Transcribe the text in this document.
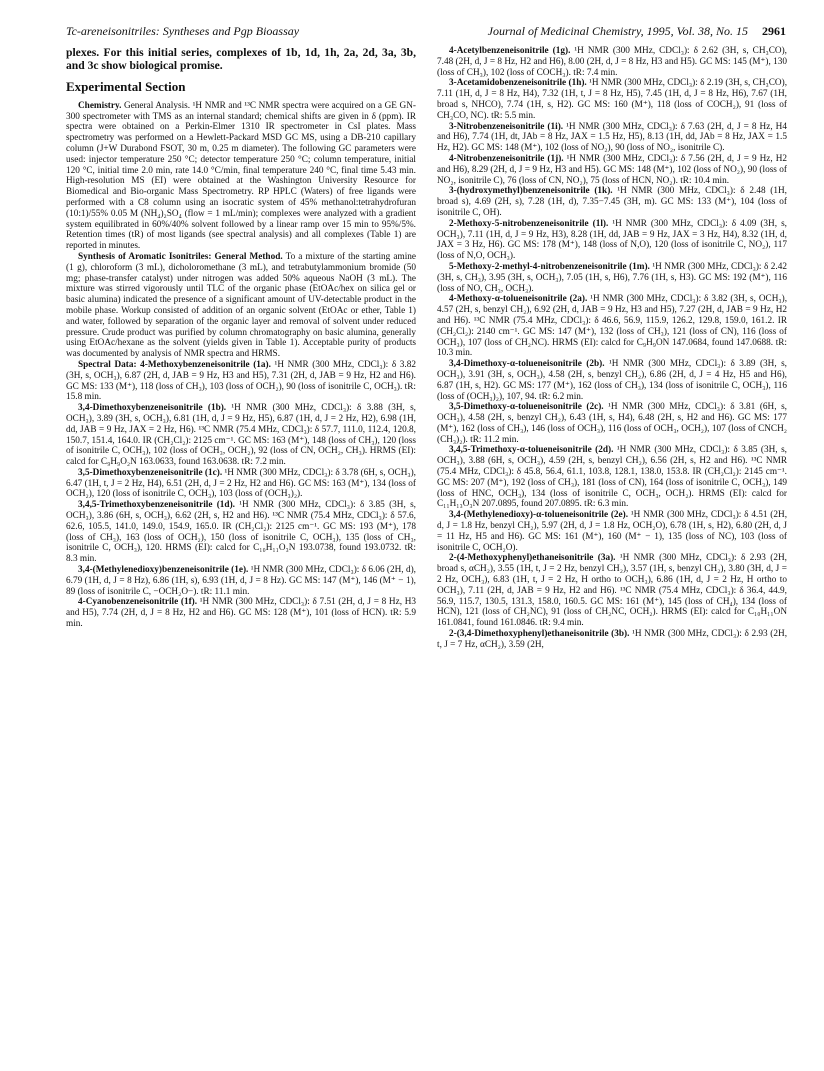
Tc-areneisonitriles: Syntheses and Pgp Bioassay	Journal of Medicinal Chemistry, 1995, Vol. 38, No. 15 2961

plexes. For this initial series, complexes of 1b, 1d, 1h, 2a, 2d, 3a, 3b, and 3c show biological promise.

Experimental Section

Chemistry. General Analysis. ¹H NMR and ¹³C NMR spectra were acquired on a GE GN-300 spectrometer with TMS as an internal standard; chemical shifts are given in δ (ppm). IR spectra were obtained on a Perkin-Elmer 1310 IR spectrometer in CsI plates. Mass spectrometry was performed on a Hewlett-Packard MSD GC MS, using a DB-210 capillary column (J+W Durabond FSOT, 30 m, 0.25 m diameter). The following GC parameters were used: injector temperature 250 °C; detector temperature 250 °C; column temperature, initial 120 °C, initial time 2.0 min, rate 14.0 °C/min, final temperature 240 °C, final time 5.43 min. High-resolution MS (EI) were obtained at the Washington University Resource for Biomedical and Bio-organic Mass Spectrometry. RP HPLC (Waters) of free ligands were performed with a C8 column using an isocratic system of 45% methanol:tetrahydrofuran (10:1)/55% 0.05 M (NH₄)₂SO₄ (flow = 1 mL/min); complexes were analyzed with a gradient system equilibrated in 60%/40% solvent followed by a linear ramp over 15 min to 95%/5%. Retention times (tR) of most ligands (see spectral analysis) and all complexes (Table 1) are reported in minutes.

Synthesis of Aromatic Isonitriles: General Method. To a mixture of the starting amine (1 g), chloroform (3 mL), dicholoromethane (3 mL), and tetrabutylammonium bromide (50 mg; phase-transfer catalyst) under nitrogen was added 50% aqueous NaOH (3 mL). The mixture was stirred vigorously until TLC of the organic phase (EtOAc/hex on silica gel or basic alumina) indicated the presence of a significant amount of UV-detectable product in the mobile phase. Workup consisted of addition of an organic solvent (EtOAc or ether, Table 1) and water, followed by separation of the organic layer and removal of solvent under reduced pressure. Crude product was purified by column chromatography on basic alumina, generally using EtOAc/hexane as the solvent (yields given in Table 1). Acceptable purity of products was documented by analysis of NMR spectra and HRMS.

Spectral Data: 4-Methoxybenzeneisonitrile (1a). ¹H NMR (300 MHz, CDCl₃): δ 3.82 (3H, s, OCH₃), 6.87 (2H, d, JAB = 9 Hz, H3 and H5), 7.31 (2H, d, JAB = 9 Hz, H2 and H6). GC MS: 133 (M⁺), 118 (loss of CH₃), 103 (loss of OCH₂), 90 (loss of isonitrile C, OCH₃). tR: 15.8 min.

3,4-Dimethoxybenzeneisonitrile (1b). ¹H NMR (300 MHz, CDCl₃): δ 3.88 (3H, s, OCH₃), 3.89 (3H, s, OCH₃), 6.81 (1H, d, J = 9 Hz, H5), 6.87 (1H, d, J = 2 Hz, H2), 6.98 (1H, dd, JAB = 9 Hz, JAX = 2 Hz, H6). ¹³C NMR (75.4 MHz, CDCl₃): δ 57.7, 111.0, 112.4, 120.8, 150.7, 151.4, 164.0. IR (CH₂Cl₂): 2125 cm⁻¹. GC MS: 163 (M⁺), 148 (loss of CH₃), 120 (loss of isonitrile C, OCH₃), 102 (loss of OCH₃, OCH₂), 92 (loss of CN, OCH₂, CH₃). HRMS (EI): calcd for C₉H₉O₂N 163.0633, found 163.0638. tR: 7.2 min.

3,5-Dimethoxybenzeneisonitrile (1c). ¹H NMR (300 MHz, CDCl₃): δ 3.78 (6H, s, OCH₃), 6.47 (1H, t, J = 2 Hz, H4), 6.51 (2H, d, J = 2 Hz, H2 and H6). GC MS: 163 (M⁺), 134 (loss of OCH₂), 120 (loss of isonitrile C, OCH₃), 103 (loss of (OCH₃)₂).

3,4,5-Trimethoxybenzeneisonitrile (1d). ¹H NMR (300 MHz, CDCl₃): δ 3.85 (3H, s, OCH₃), 3.86 (6H, s, OCH₃), 6.62 (2H, s, H2 and H6). ¹³C NMR (75.4 MHz, CDCl₃): δ 57.6, 62.6, 105.5, 141.0, 149.0, 154.9, 165.0. IR (CH₂Cl₂): 2125 cm⁻¹. GC MS: 193 (M⁺), 178 (loss of CH₃), 163 (loss of OCH₂), 150 (loss of isonitrile C, OCH₃), 135 (loss of CH₃, isonitrile C, OCH₃), 120. HRMS (EI): calcd for C₁₀H₁₁O₃N 193.0738, found 193.0732. tR: 8.3 min.

3,4-(Methylenedioxy)benzeneisonitrile (1e). ¹H NMR (300 MHz, CDCl₃): δ 6.06 (2H, d), 6.79 (1H, d, J = 8 Hz), 6.86 (1H, s), 6.93 (1H, d, J = 8 Hz). GC MS: 147 (M⁺), 146 (M⁺ − 1), 89 (loss of isonitrile C, −OCH₂O−). tR: 11.1 min.

4-Cyanobenzeneisonitrile (1f). ¹H NMR (300 MHz, CDCl₃): δ 7.51 (2H, d, J = 8 Hz, H3 and H5), 7.74 (2H, d, J = 8 Hz, H2 and H6). GC MS: 128 (M⁺), 101 (loss of HCN). tR: 5.9 min.

4-Acetylbenzeneisonitrile (1g). ¹H NMR (300 MHz, CDCl₃): δ 2.62 (3H, s, CH₃CO), 7.48 (2H, d, J = 8 Hz, H2 and H6), 8.00 (2H, d, J = 8 Hz, H3 and H5). GC MS: 145 (M⁺), 130 (loss of CH₃), 102 (loss of COCH₃). tR: 7.4 min.

3-Acetamidobenzeneisonitrile (1h). ¹H NMR (300 MHz, CDCl₃): δ 2.19 (3H, s, CH₃CO), 7.11 (1H, d, J = 8 Hz, H4), 7.32 (1H, t, J = 8 Hz, H5), 7.45 (1H, d, J = 8 Hz, H6), 7.67 (1H, broad s, NHCO), 7.74 (1H, s, H2). GC MS: 160 (M⁺), 118 (loss of COCH₂), 91 (loss of CH₃CO, NC). tR: 5.5 min.

3-Nitrobenzeneisonitrile (1i). ¹H NMR (300 MHz, CDCl₃): δ 7.63 (2H, d, J = 8 Hz, H4 and H6), 7.74 (1H, dt, JAb = 8 Hz, JAX = 1.5 Hz, H5), 8.13 (1H, dd, JAb = 8 Hz, JAX = 1.5 Hz, H2). GC MS: 148 (M⁺), 102 (loss of NO₂), 90 (loss of NO₂, isonitrile C).

4-Nitrobenzeneisonitrile (1j). ¹H NMR (300 MHz, CDCl₃): δ 7.56 (2H, d, J = 9 Hz, H2 and H6), 8.29 (2H, d, J = 9 Hz, H3 and H5). GC MS: 148 (M⁺), 102 (loss of NO₂), 90 (loss of NO₂, isonitrile C), 76 (loss of CN, NO₂), 75 (loss of HCN, NO₂). tR: 10.4 min.

3-(hydroxymethyl)benzeneisonitrile (1k). ¹H NMR (300 MHz, CDCl₃): δ 2.48 (1H, broad s), 4.69 (2H, s), 7.28 (1H, d), 7.35−7.45 (3H, m). GC MS: 133 (M⁺), 104 (loss of isonitrile C, OH).

2-Methoxy-5-nitrobenzeneisonitrile (1l). ¹H NMR (300 MHz, CDCl₃): δ 4.09 (3H, s, OCH₃), 7.11 (1H, d, J = 9 Hz, H3), 8.28 (1H, dd, JAB = 9 Hz, JAX = 3 Hz, H4), 8.32 (1H, d, JAX = 3 Hz, H6). GC MS: 178 (M⁺), 148 (loss of N,O), 120 (loss of isonitrile C, NO₂), 117 (loss of N,O, OCH₃).

5-Methoxy-2-methyl-4-nitrobenzeneisonitrile (1m). ¹H NMR (300 MHz, CDCl₃): δ 2.42 (3H, s, CH₃), 3.95 (3H, s, OCH₃), 7.05 (1H, s, H6), 7.76 (1H, s, H3). GC MS: 192 (M⁺), 116 (loss of NO, CH₃, OCH₃).

4-Methoxy-α-tolueneisonitrile (2a). ¹H NMR (300 MHz, CDCl₃): δ 3.82 (3H, s, OCH₃), 4.57 (2H, s, benzyl CH₂), 6.92 (2H, d, JAB = 9 Hz, H3 and H5), 7.27 (2H, d, JAB = 9 Hz, H2 and H6). ¹³C NMR (75.4 MHz, CDCl₃): δ 46.6, 56.9, 115.9, 126.2, 129.8, 159.0, 161.2. IR (CH₂Cl₂): 2140 cm⁻¹. GC MS: 147 (M⁺), 132 (loss of CH₃), 121 (loss of CN), 116 (loss of OCH₃), 107 (loss of CH₂NC). HRMS (EI): calcd for C₉H₉ON 147.0684, found 147.0688. tR: 10.3 min.

3,4-Dimethoxy-α-tolueneisonitrile (2b). ¹H NMR (300 MHz, CDCl₃): δ 3.89 (3H, s, OCH₃), 3.91 (3H, s, OCH₃), 4.58 (2H, s, benzyl CH₂), 6.86 (2H, d, J = 4 Hz, H5 and H6), 6.87 (1H, s, H2). GC MS: 177 (M⁺), 162 (loss of CH₃), 134 (loss of isonitrile C, OCH₃), 116 (loss of (OCH₃)₂), 107, 94. tR: 6.2 min.

3,5-Dimethoxy-α-tolueneisonitrile (2c). ¹H NMR (300 MHz, CDCl₃): δ 3.81 (6H, s, OCH₃), 4.58 (2H, s, benzyl CH₂), 6.43 (1H, s, H4), 6.48 (2H, s, H2 and H6). GC MS: 177 (M⁺), 162 (loss of CH₃), 146 (loss of OCH₃), 116 (loss of OCH₃, OCH₂), 107 (loss of CNCH₂ (CH₃)₂). tR: 11.2 min.

3,4,5-Trimethoxy-α-tolueneisonitrile (2d). ¹H NMR (300 MHz, CDCl₃): δ 3.85 (3H, s, OCH₃), 3.88 (6H, s, OCH₃), 4.59 (2H, s, benzyl CH₂), 6.56 (2H, s, H2 and H6). ¹³C NMR (75.4 MHz, CDCl₃): δ 45.8, 56.4, 61.1, 103.8, 128.1, 138.0, 153.8. IR (CH₂Cl₂): 2145 cm⁻¹. GC MS: 207 (M⁺), 192 (loss of CH₃), 181 (loss of CN), 164 (loss of isonitrile C, OCH₃), 149 (loss of HNC, OCH₃), 134 (loss of isonitrile C, OCH₃, OCH₂). HRMS (EI): calcd for C₁₁H₁₃O₃N 207.0895, found 207.0895. tR: 6.3 min.

3,4-(Methylenedioxy)-α-tolueneisonitrile (2e). ¹H NMR (300 MHz, CDCl₃): δ 4.51 (2H, d, J = 1.8 Hz, benzyl CH₂), 5.97 (2H, d, J = 1.8 Hz, OCH₂O), 6.78 (1H, s, H2), 6.80 (2H, d, J = 11 Hz, H5 and H6). GC MS: 161 (M⁺), 160 (M⁺ − 1), 135 (loss of NC), 103 (loss of isonitrile C, OCH₂O).

2-(4-Methoxyphenyl)ethaneisonitrile (3a). ¹H NMR (300 MHz, CDCl₃): δ 2.93 (2H, broad s, αCH₂), 3.55 (1H, t, J = 2 Hz, benzyl CH₂), 3.57 (1H, s, benzyl CH₂), 3.80 (3H, d, J = 2 Hz, OCH₃), 6.83 (1H, t, J = 2 Hz, H ortho to OCH₃), 6.86 (1H, d, J = 2 Hz, H ortho to OCH₃), 7.11 (2H, d, JAB = 9 Hz, H2 and H6). ¹³C NMR (75.4 MHz, CDCl₃): δ 36.4, 44.9, 56.9, 115.7, 130.5, 131.3, 158.0, 160.5. GC MS: 161 (M⁺), 145 (loss of CH₄), 134 (loss of HCN), 121 (loss of CH₂NC), 91 (loss of CH₂NC, OCH₂). HRMS (EI): calcd for C₁₀H₁₁ON 161.0841, found 161.0846. tR: 9.4 min.

2-(3,4-Dimethoxyphenyl)ethaneisonitrile (3b). ¹H NMR (300 MHz, CDCl₃): δ 2.93 (2H, t, J = 7 Hz, αCH₂), 3.59 (2H,
